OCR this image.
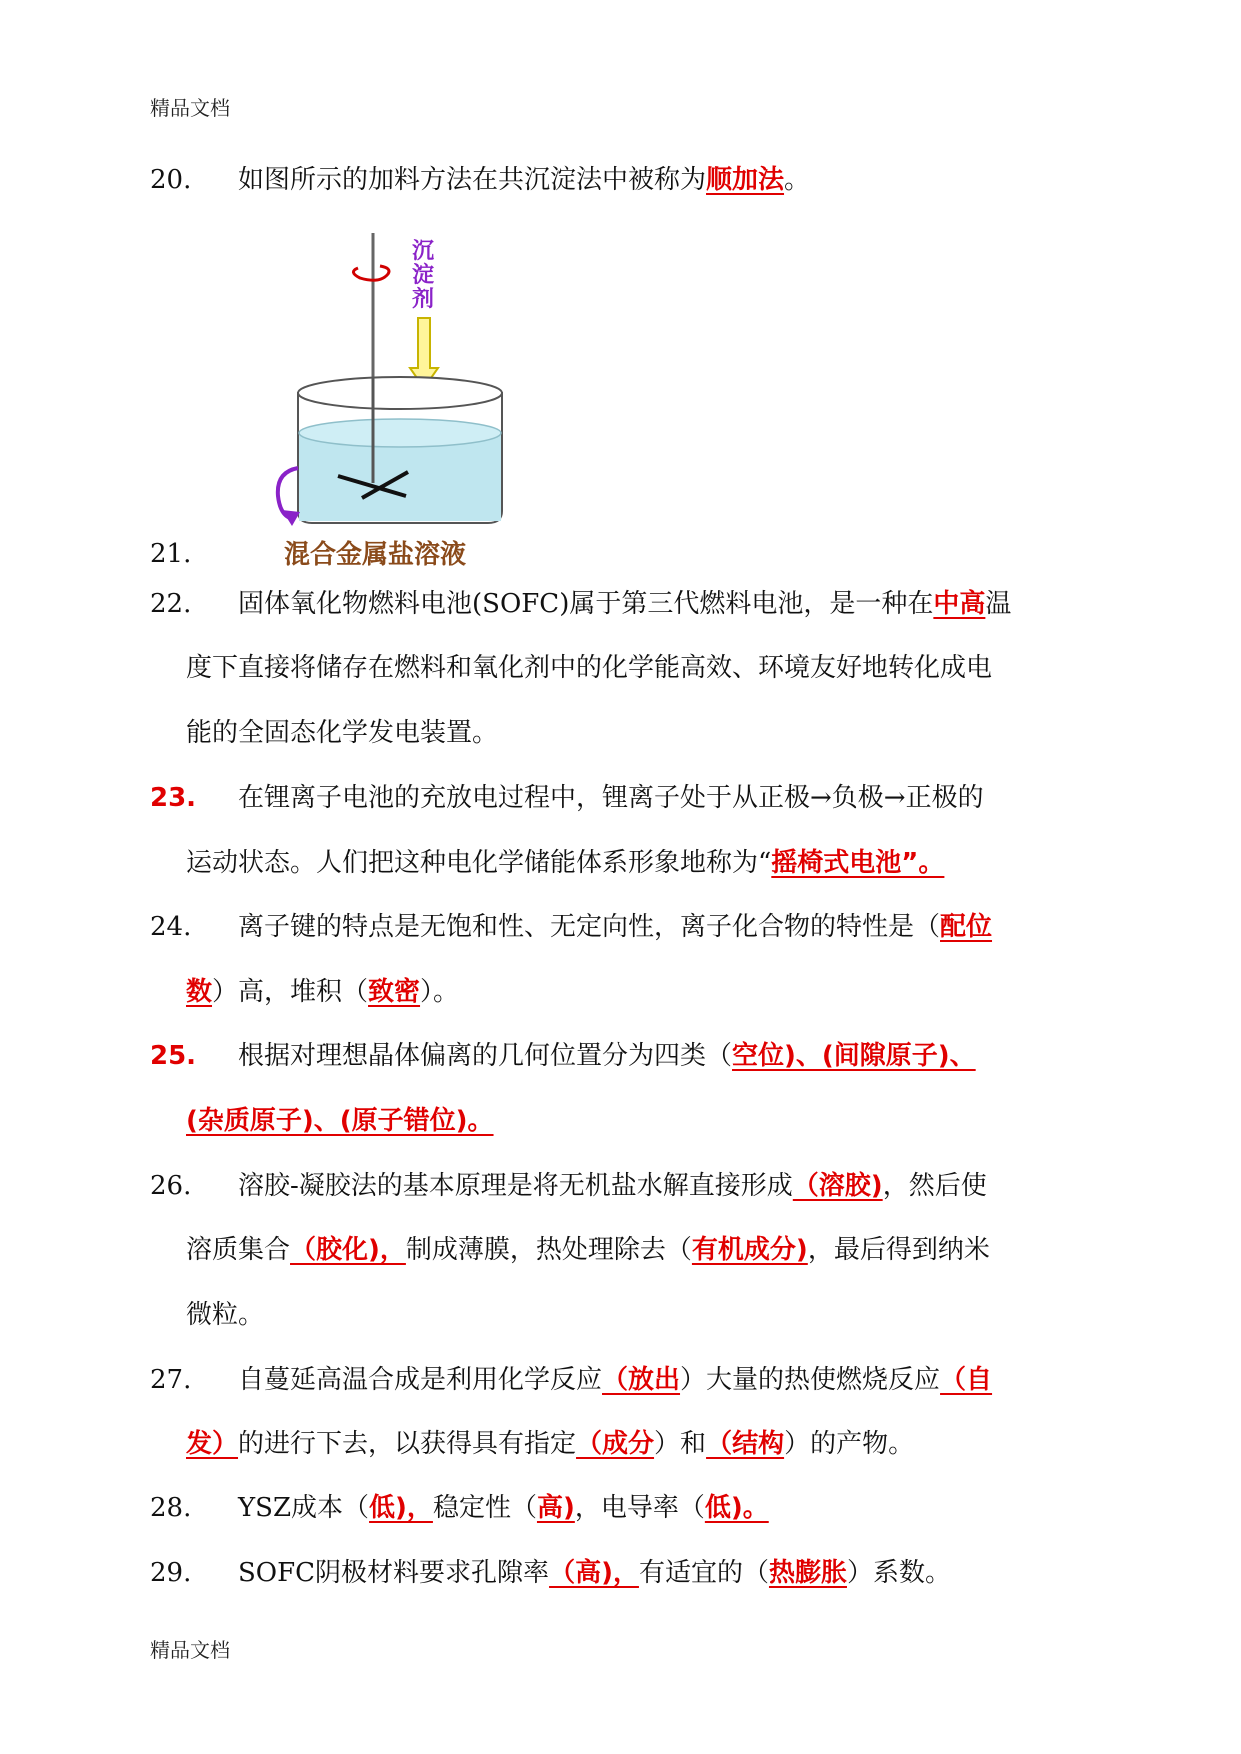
精品文档
20. 如图所示的加料方法在共沉淀法中被称为顺加法。
沉
淀
剂
混合金属盐溶液
21.
22. 固体氧化物燃料电池(SOFC)属于第三代燃料电池，是一种在中高温
度下直接将储存在燃料和氧化剂中的化学能高效、环境友好地转化成电
能的全固态化学发电装置。
23. 在锂离子电池的充放电过程中，锂离子处于从正极→负极→正极的
运动状态。人们把这种电化学储能体系形象地称为“摇椅式电池”。
24. 离子键的特点是无饱和性、无定向性，离子化合物的特性是（配位
数）高，堆积（致密）。
25. 根据对理想晶体偏离的几何位置分为四类（空位)、(间隙原子)、
(杂质原子)、(原子错位)。
26. 溶胶-凝胶法的基本原理是将无机盐水解直接形成（溶胶)，然后使
溶质集合（胶化)，制成薄膜，热处理除去（有机成分)，最后得到纳米
微粒。
27. 自蔓延高温合成是利用化学反应（放出）大量的热使燃烧反应（自
发）的进行下去，以获得具有指定（成分）和（结构）的产物。
28. YSZ成本（低)，稳定性（高)，电导率（低)。
29. SOFC阴极材料要求孔隙率（高)，有适宜的（热膨胀）系数。
精品文档
